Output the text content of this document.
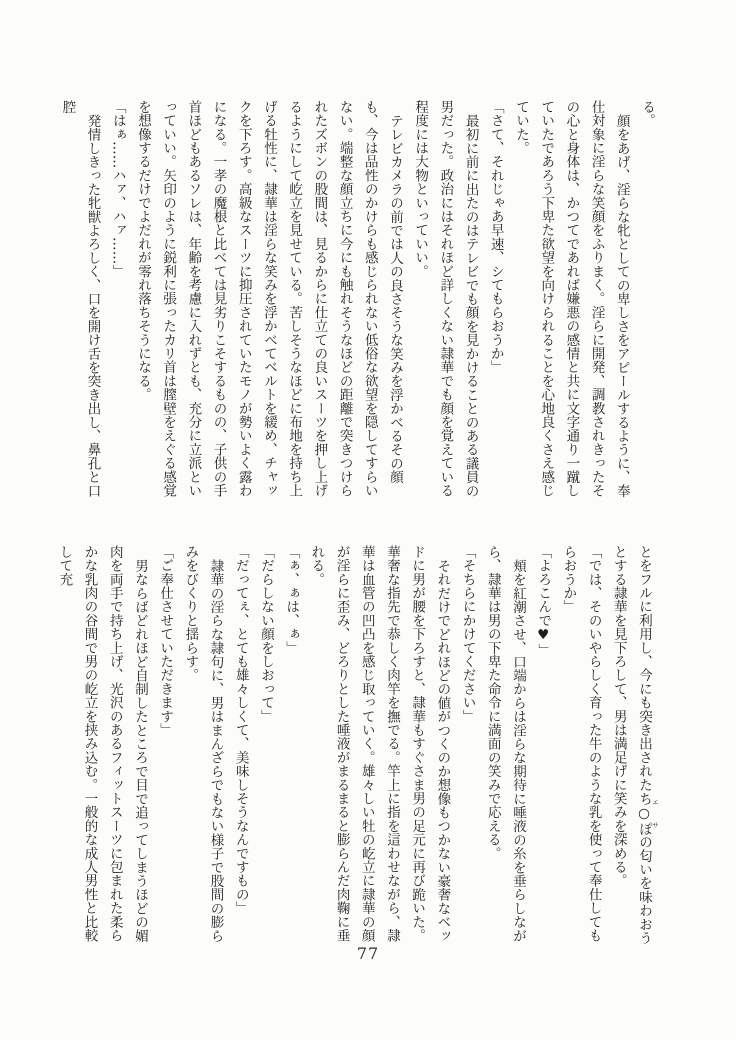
る。

顔をあげ、淫らな牝としての卑しさをアピールするように、奉仕対象に淫らな笑顔をふりまく。淫らに開発、調教されきったその心と身体は、かつてであれば嫌悪の感情と共に文字通り一蹴していたであろう下卑た欲望を向けられることを心地良くさえ感じていた。

「さて、それじゃあ早速、シてもらおうか」

最初に前に出たのはテレビでも顔を見かけることのある議員の男だった。政治にはそれほど詳しくない隷華でも顔を覚えている程度には大物といっていい。

テレビカメラの前では人の良さそうな笑みを浮かべるその顔も、今は品性のかけらも感じられない低俗な欲望を隠してすらいない。端整な顔立ちに今にも触れそうなほどの距離で突きつけられたズボンの股間は、見るからに仕立ての良いスーツを押し上げるようにして屹立を見せている。苦しそうなほどに布地を持ち上げる牡性に、隷華は淫らな笑みを浮かべてベルトを緩め、チャックを下ろす。高級なスーツに抑圧されていたモノが勢いよく露わになる。一孝の魔根と比べては見劣りこそするものの、子供の手首ほどもあるソレは、年齢を考慮に入れずとも、充分に立派といっていい。矢印のように鋭利に張ったカリ首は膣壁をえぐる感覚を想像するだけでよだれが零れ落ちそうになる。

「はぁ……ハァ、ハァ……」

発情しきった牝獣よろしく、口を開け舌を突き出し、鼻孔と口腔

とをフルに利用し、今にも突き出されたち○ぽ エサの匂いを味わおうとする隷華を見下ろして、男は満足げに笑みを深める。

「では、そのいやらしく育った牛のような乳を使って奉仕してもらおうか」

「よろこんで♥」

頬を紅潮させ、口端からは淫らな期待に唾液の糸を垂らしながら、隷華は男の下卑た命令に満面の笑みで応える。

「そちらにかけてください」

それだけでどれほどの値がつくのか想像もつかない豪奢なベッドに男が腰を下ろすと、隷華もすぐさま男の足元に再び跪いた。華奢な指先で恭しく肉竿を撫でる。竿上に指を這わせながら、隷華は血管の凹凸を感じ取っていく。雄々しい牡の屹立に隷華の顔が淫らに歪み、どろりとした唾液がまるまると膨らんだ肉鞠に垂れる。

「ぁ、ぁは、ぁ」

「だらしない顔をしおって」

「だってぇ、とても雄々しくて、美味しそうなんですもの」

隷華の淫らな隷句に、男はまんざらでもない様子で股間の膨らみをびくりと揺らす。

「ご奉仕させていただきます」

男ならばどれほど自制したところで目で追ってしまうほどの媚肉を両手で持ち上げ、光沢のあるフィットスーツに包まれた柔らかな乳肉の谷間で男の屹立を挟み込む。一般的な成人男性と比較して充

77
